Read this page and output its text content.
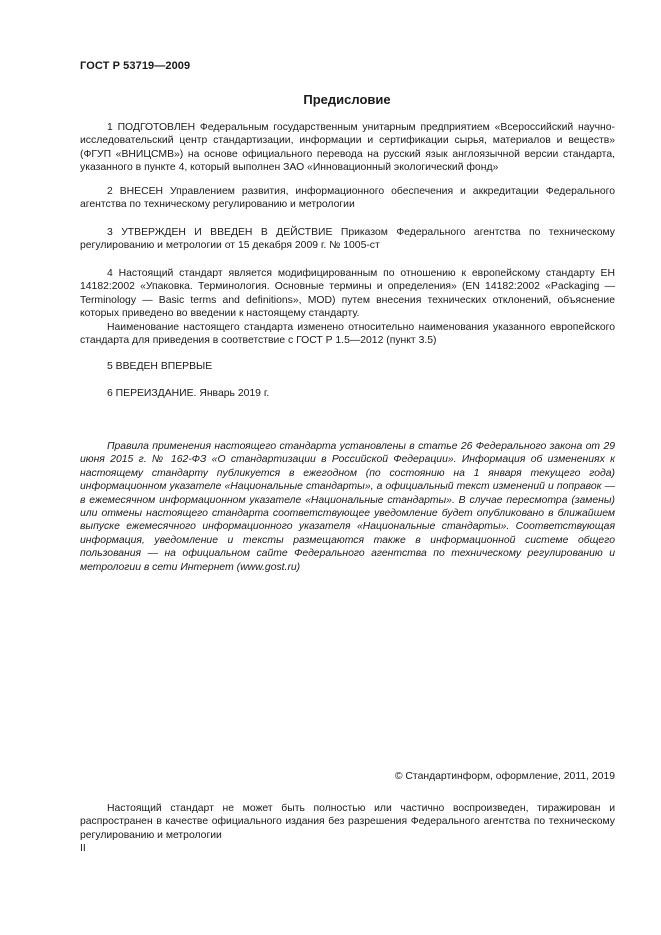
ГОСТ Р 53719—2009
Предисловие

1 ПОДГОТОВЛЕН Федеральным государственным унитарным предприятием «Всероссийский научно-исследовательский центр стандартизации, информации и сертификации сырья, материалов и веществ» (ФГУП «ВНИЦСМВ») на основе официального перевода на русский язык англоязычной версии стандарта, указанного в пункте 4, который выполнен ЗАО «Инновационный экологический фонд»

2 ВНЕСЕН Управлением развития, информационного обеспечения и аккредитации Федерального агентства по техническому регулированию и метрологии

3 УТВЕРЖДЕН И ВВЕДЕН В ДЕЙСТВИЕ Приказом Федерального агентства по техническому регулированию и метрологии от 15 декабря 2009 г. № 1005-ст

4 Настоящий стандарт является модифицированным по отношению к европейскому стандарту ЕН 14182:2002 «Упаковка. Терминология. Основные термины и определения» (EN 14182:2002 «Packaging — Terminology — Basic terms and definitions», MOD) путем внесения технических отклонений, объяснение которых приведено во введении к настоящему стандарту.

Наименование настоящего стандарта изменено относительно наименования указанного европейского стандарта для приведения в соответствие с ГОСТ Р 1.5—2012 (пункт 3.5)

5 ВВЕДЕН ВПЕРВЫЕ

6 ПЕРЕИЗДАНИЕ. Январь 2019 г.

Правила применения настоящего стандарта установлены в статье 26 Федерального закона от 29 июня 2015 г. № 162-ФЗ «О стандартизации в Российской Федерации». Информация об изменениях к настоящему стандарту публикуется в ежегодном (по состоянию на 1 января текущего года) информационном указателе «Национальные стандарты», а официальный текст изменений и поправок — в ежемесячном информационном указателе «Национальные стандарты». В случае пересмотра (замены) или отмены настоящего стандарта соответствующее уведомление будет опубликовано в ближайшем выпуске ежемесячного информационного указателя «Национальные стандарты». Соответствующая информация, уведомление и тексты размещаются также в информационной системе общего пользования — на официальном сайте Федерального агентства по техническому регулированию и метрологии в сети Интернет (www.gost.ru)

© Стандартинформ, оформление, 2011, 2019

Настоящий стандарт не может быть полностью или частично воспроизведен, тиражирован и распространен в качестве официального издания без разрешения Федерального агентства по техническому регулированию и метрологии

II
